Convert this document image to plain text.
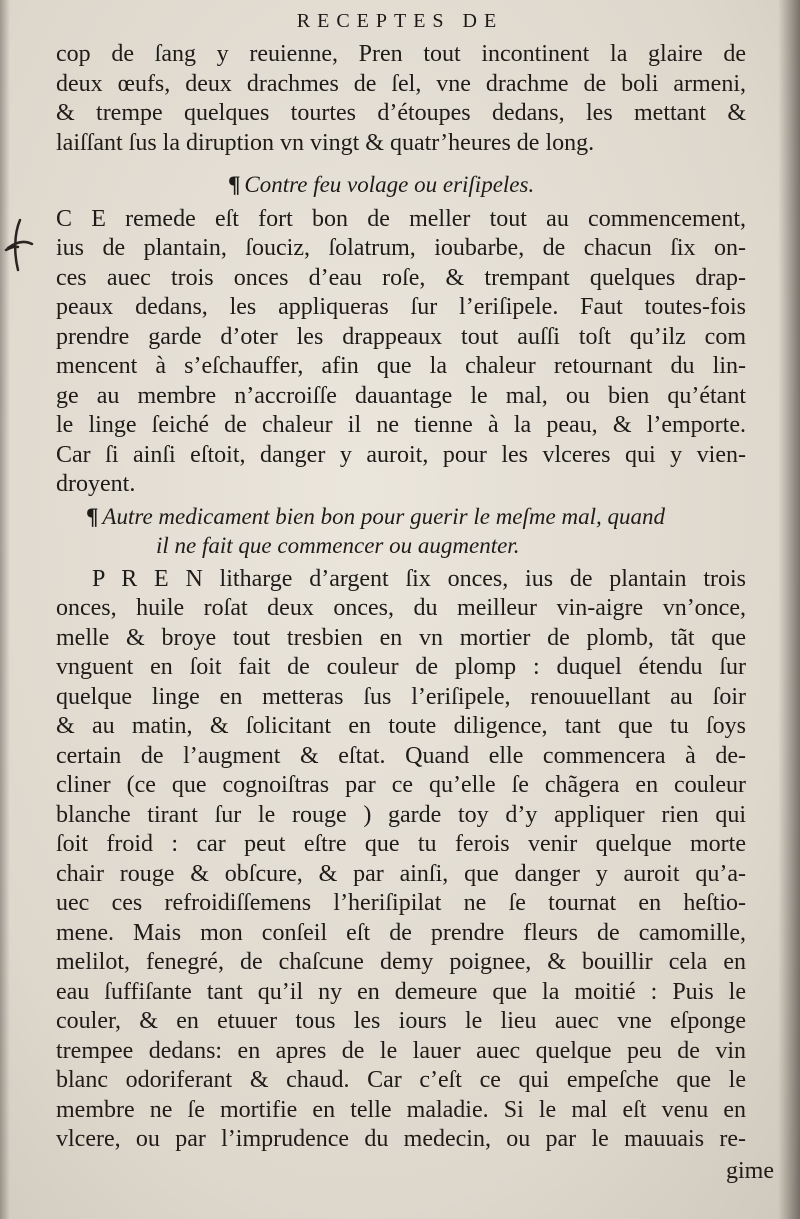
RECEPTES DE
cop de ſang y reuienne, Pren tout incontinent la glaire de
deux œufs, deux drachmes de ſel, vne drachme de boli armeni,
& trempe quelques tourtes d’étoupes dedans, les mettant &
laiſſant ſus la diruption vn vingt & quatr’heures de long.
¶ Contre feu volage ou eriſipeles.
C E remede eſt fort bon de meller tout au commencement,
ius de plantain, ſouciz, ſolatrum, ioubarbe, de chacun ſix on-
ces auec trois onces d’eau roſe, & trempant quelques drap-
peaux dedans, les appliqueras ſur l’eriſipele. Faut toutes-fois
prendre garde d’oter les drappeaux tout auſſi toſt qu’ilz com
mencent à s’eſchauffer, afin que la chaleur retournant du lin-
ge au membre n’accroiſſe dauantage le mal, ou bien qu’étant
le linge ſeiché de chaleur il ne tienne à la peau, & l’emporte.
Car ſi ainſi eſtoit, danger y auroit, pour les vlceres qui y vien-
droyent.
¶ Autre medicament bien bon pour guerir le meſme mal, quand
il ne fait que commencer ou augmenter.
P R E N litharge d’argent ſix onces, ius de plantain trois
onces, huile roſat deux onces, du meilleur vin-aigre vn’once,
melle & broye tout tresbien en vn mortier de plomb, tãt que
vnguent en ſoit fait de couleur de plomp : duquel étendu ſur
quelque linge en metteras ſus l’eriſipele, renouuellant au ſoir
& au matin, & ſolicitant en toute diligence, tant que tu ſoys
certain de l’augment & eſtat. Quand elle commencera à de-
cliner (ce que cognoiſtras par ce qu’elle ſe chãgera en couleur
blanche tirant ſur le rouge ) garde toy d’y appliquer rien qui
ſoit froid : car peut eſtre que tu ferois venir quelque morte
chair rouge & obſcure, & par ainſi, que danger y auroit qu’a-
uec ces refroidiſſemens l’heriſipilat ne ſe tournat en heſtio-
mene. Mais mon conſeil eſt de prendre fleurs de camomille,
melilot, fenegré, de chaſcune demy poignee, & bouillir cela en
eau ſuffiſante tant qu’il ny en demeure que la moitié : Puis le
couler, & en etuuer tous les iours le lieu auec vne eſponge
trempee dedans: en apres de le lauer auec quelque peu de vin
blanc odoriferant & chaud. Car c’eſt ce qui empeſche que le
membre ne ſe mortifie en telle maladie. Si le mal eſt venu en
vlcere, ou par l’imprudence du medecin, ou par le mauuais re-
gime
